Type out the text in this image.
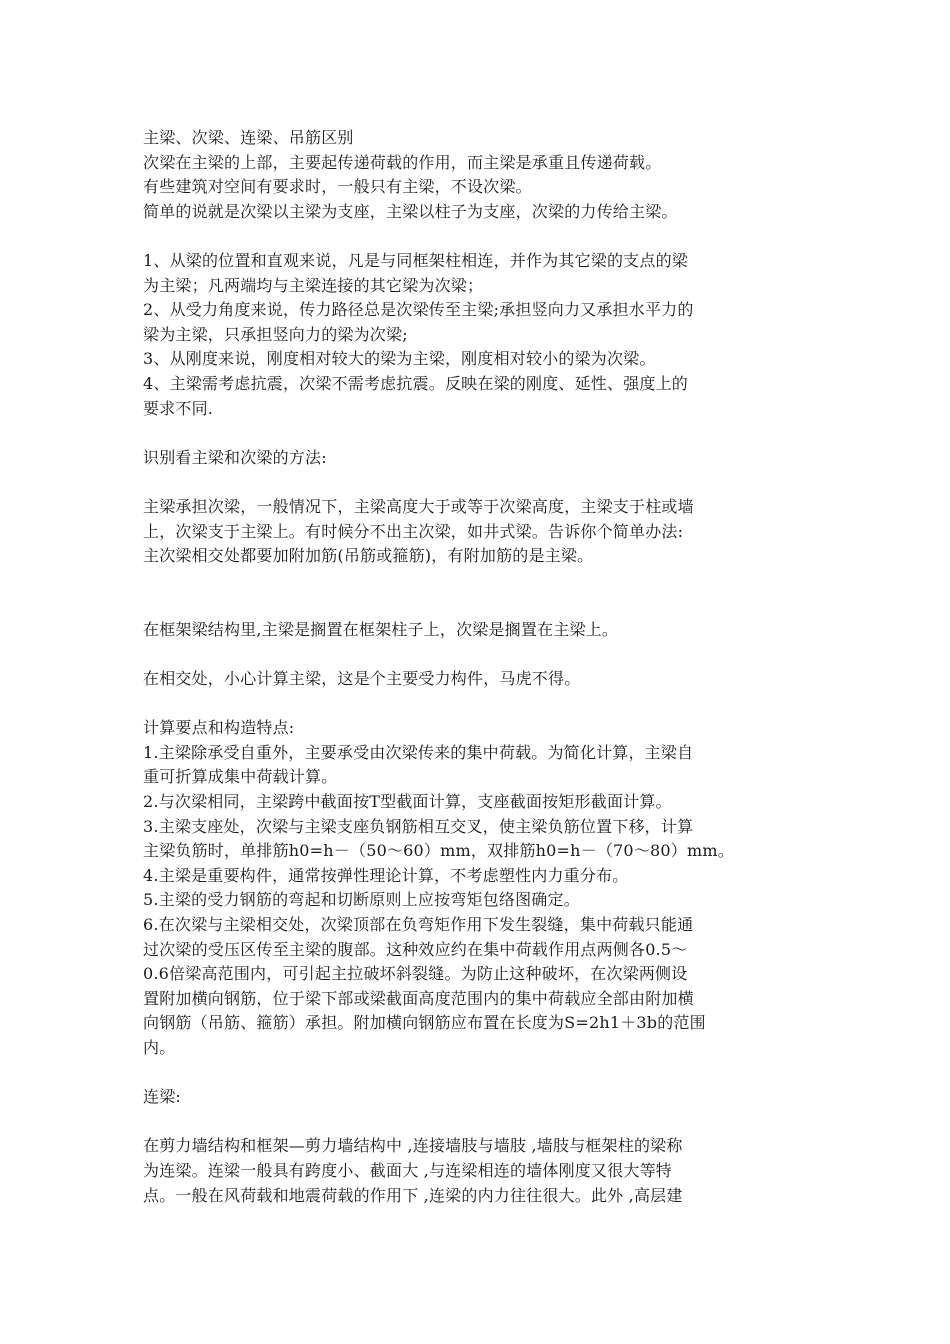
主梁、次梁、连梁、吊筋区别
次梁在主梁的上部，主要起传递荷载的作用，而主梁是承重且传递荷载。
有些建筑对空间有要求时，一般只有主梁，不设次梁。
简单的说就是次梁以主梁为支座，主梁以柱子为支座，次梁的力传给主梁。
1、从梁的位置和直观来说，凡是与同框架柱相连，并作为其它梁的支点的梁
为主梁；凡两端均与主梁连接的其它梁为次梁；
2、从受力角度来说，传力路径总是次梁传至主梁;承担竖向力又承担水平力的
梁为主梁，只承担竖向力的梁为次梁;
3、从刚度来说，刚度相对较大的梁为主梁，刚度相对较小的梁为次梁。
4、主梁需考虑抗震，次梁不需考虑抗震。反映在梁的刚度、延性、强度上的
要求不同.
识别看主梁和次梁的方法:
主梁承担次梁，一般情况下，主梁高度大于或等于次梁高度，主梁支于柱或墙
上，次梁支于主梁上。有时候分不出主次梁，如井式梁。告诉你个简单办法:
主次梁相交处都要加附加筋(吊筋或箍筋)，有附加筋的是主梁。
在框架梁结构里,主梁是搁置在框架柱子上，次梁是搁置在主梁上。
在相交处，小心计算主梁，这是个主要受力构件，马虎不得。
计算要点和构造特点:
1.主梁除承受自重外，主要承受由次梁传来的集中荷载。为简化计算，主梁自
重可折算成集中荷载计算。
2.与次梁相同，主梁跨中截面按T型截面计算，支座截面按矩形截面计算。
3.主梁支座处，次梁与主梁支座负钢筋相互交叉，使主梁负筋位置下移，计算
主梁负筋时，单排筋h0=h－（50～60）mm，双排筋h0=h－（70～80）mm。
4.主梁是重要构件，通常按弹性理论计算，不考虑塑性内力重分布。
5.主梁的受力钢筋的弯起和切断原则上应按弯矩包络图确定。
6.在次梁与主梁相交处，次梁顶部在负弯矩作用下发生裂缝，集中荷载只能通
过次梁的受压区传至主梁的腹部。这种效应约在集中荷载作用点两侧各0.5～
0.6倍梁高范围内，可引起主拉破坏斜裂缝。为防止这种破坏，在次梁两侧设
置附加横向钢筋，位于梁下部或梁截面高度范围内的集中荷载应全部由附加横
向钢筋（吊筋、箍筋）承担。附加横向钢筋应布置在长度为S=2h1＋3b的范围
内。
连梁:
在剪力墙结构和框架—剪力墙结构中 ,连接墙肢与墙肢 ,墙肢与框架柱的梁称
为连梁。连梁一般具有跨度小、截面大 ,与连梁相连的墙体刚度又很大等特
点。一般在风荷载和地震荷载的作用下 ,连梁的内力往往很大。此外 ,高层建
